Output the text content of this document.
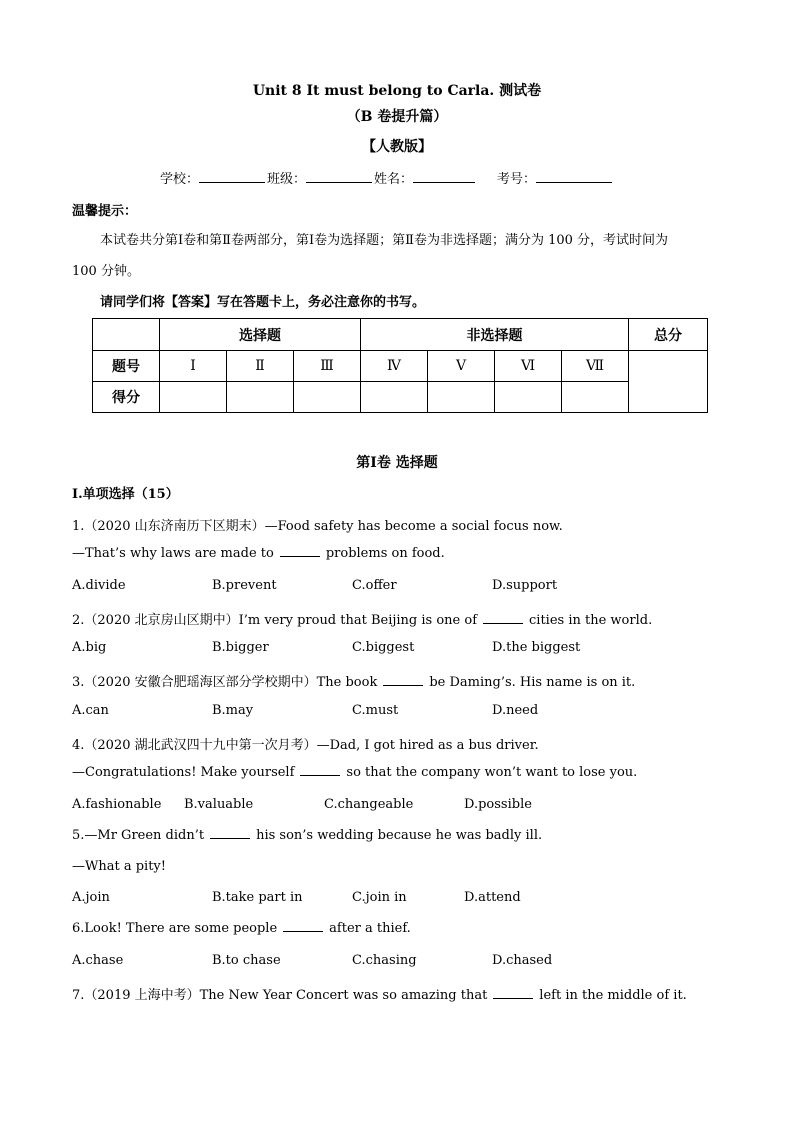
Unit 8 It must belong to Carla. 测试卷
（B 卷提升篇）
【人教版】
学校：	班级：	姓名：	考号：
温馨提示：
本试卷共分第Ⅰ卷和第Ⅱ卷两部分，第Ⅰ卷为选择题；第Ⅱ卷为非选择题；满分为 100 分，考试时间为
100 分钟。
请同学们将【答案】写在答题卡上，务必注意你的书写。
	选择题			非选择题				总分
题号	Ⅰ	Ⅱ	Ⅲ	Ⅳ	Ⅴ	Ⅵ	Ⅶ	
得分								
第Ⅰ卷 选择题
Ⅰ.单项选择（15）
1.（2020 山东济南历下区期末）—Food safety has become a social focus now.
—That’s why laws are made to	problems on food.
A.divide	B.prevent	C.offer	D.support
2.（2020 北京房山区期中）I’m very proud that Beijing is one of	cities in the world.
A.big	B.bigger	C.biggest	D.the biggest
3.（2020 安徽合肥瑶海区部分学校期中）The book	be Daming’s. His name is on it.
A.can	B.may	C.must	D.need
4.（2020 湖北武汉四十九中第一次月考）—Dad, I got hired as a bus driver.
—Congratulations! Make yourself	so that the company won’t want to lose you.
A.fashionable B.valuable	C.changeable	D.possible
5.—Mr Green didn’t	his son’s wedding because he was badly ill.
—What a pity!
A.join	B.take part in	C.join in	D.attend
6.Look! There are some people	after a thief.
A.chase	B.to chase	C.chasing	D.chased
7.（2019 上海中考）The New Year Concert was so amazing that	left in the middle of it.
